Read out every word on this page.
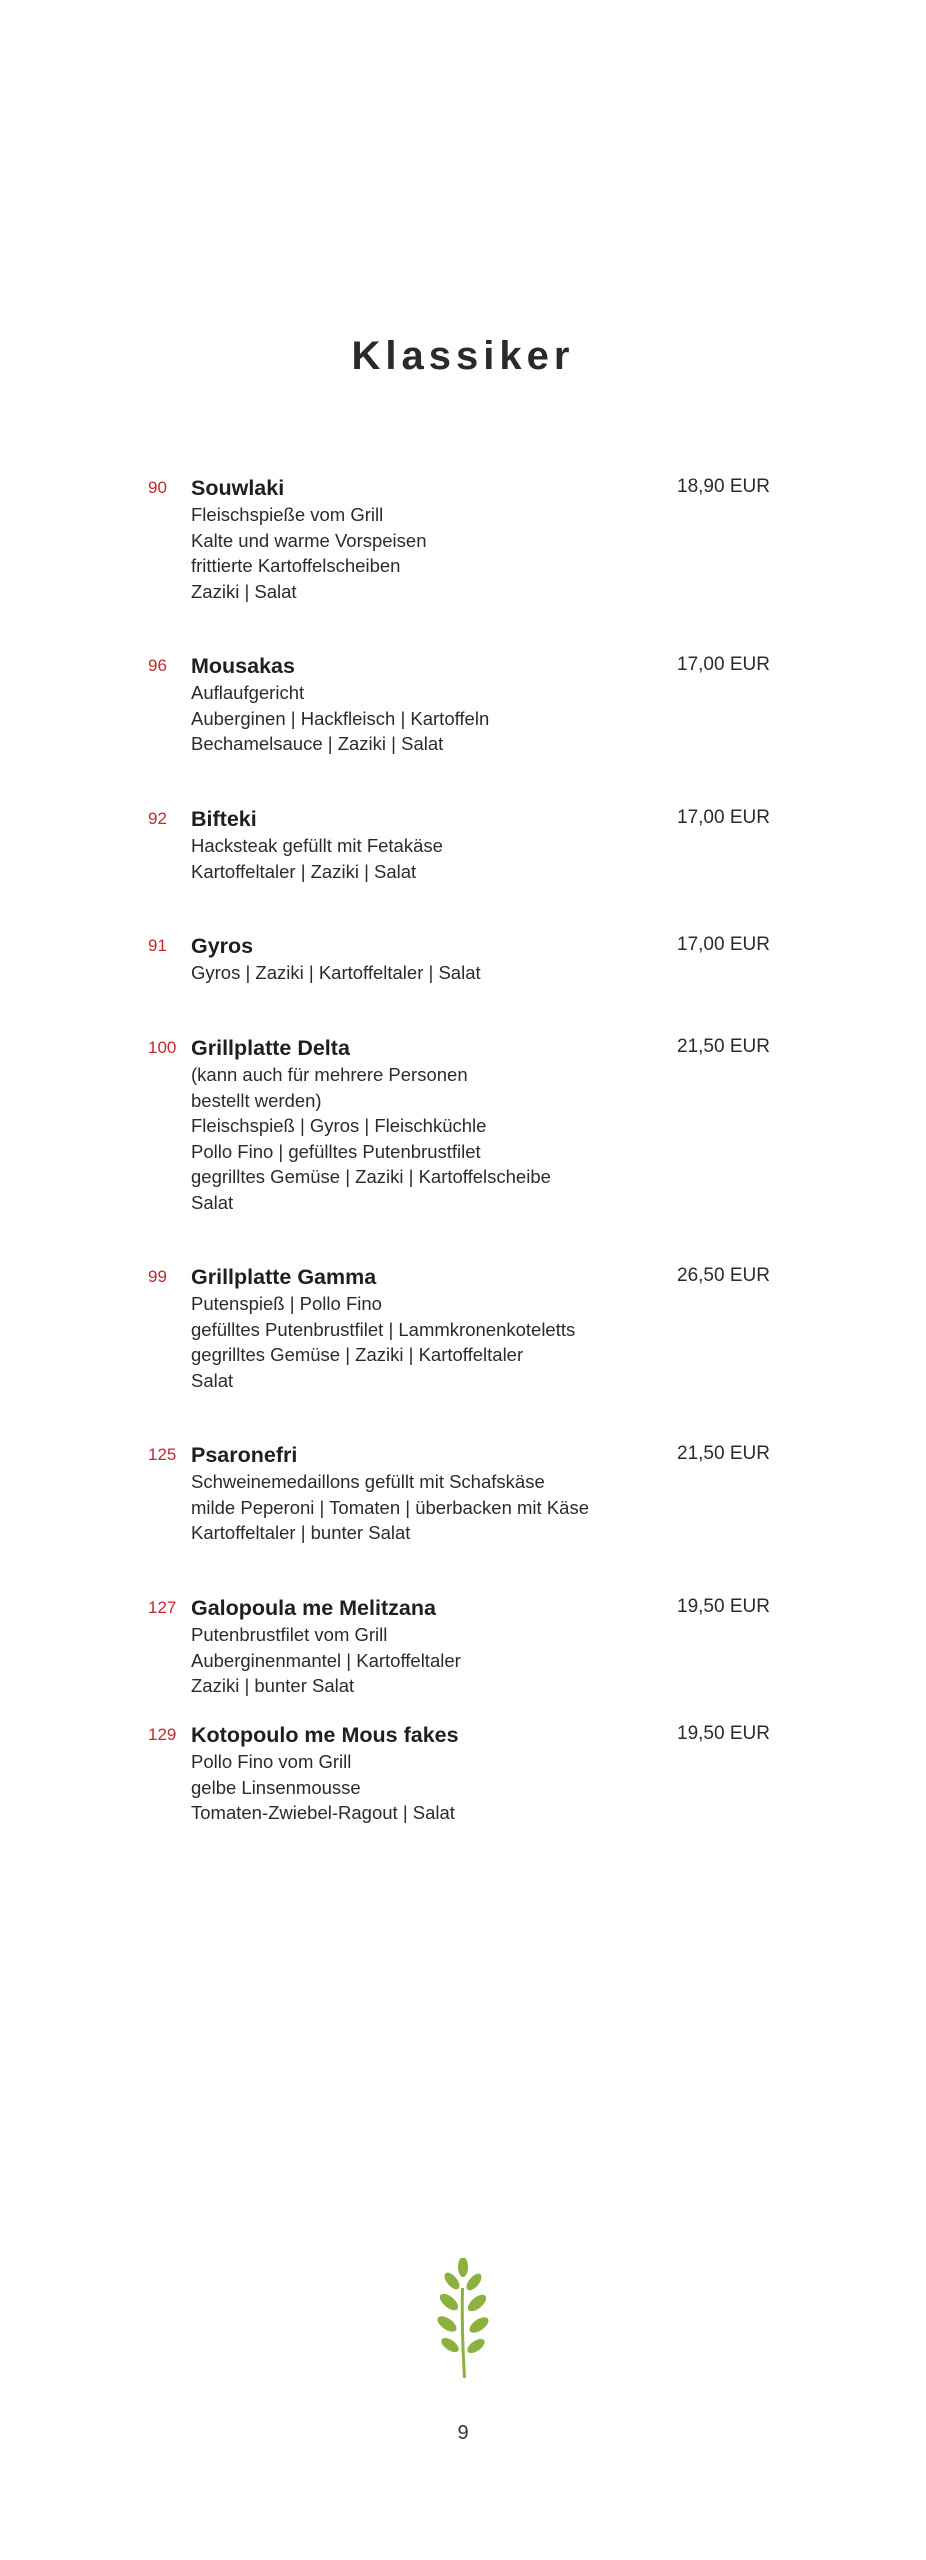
Klassiker
90	Souwlaki
Fleischspieße vom Grill
Kalte und warme Vorspeisen
frittierte Kartoffelscheiben
Zaziki | Salat
18,90 EUR
96	Mousakas
Auflaufgericht
Auberginen | Hackfleisch | Kartoffeln
Bechamelsauce | Zaziki | Salat
17,00 EUR
92	Bifteki
Hacksteak gefüllt mit Fetakäse
Kartoffeltaler | Zaziki | Salat
17,00 EUR
91	Gyros
Gyros | Zaziki | Kartoffeltaler | Salat
17,00 EUR
100 Grillplatte Delta
(kann auch für mehrere Personen
bestellt werden)
Fleischspieß | Gyros | Fleischküchle
Pollo Fino | gefülltes Putenbrustfilet
gegrilltes Gemüse | Zaziki | Kartoffelscheibe
Salat
21,50 EUR
99	Grillplatte Gamma
Putenspieß | Pollo Fino
gefülltes Putenbrustfilet | Lammkronenkoteletts
gegrilltes Gemüse | Zaziki | Kartoffeltaler
Salat
26,50 EUR
125 Psaronefri
Schweinemedaillons gefüllt mit Schafskäse
milde Peperoni | Tomaten | überbacken mit Käse
Kartoffeltaler | bunter Salat
21,50 EUR
127 Galopoula me Melitzana
Putenbrustfilet vom Grill
Auberginenmantel | Kartoffeltaler
Zaziki | bunter Salat
19,50 EUR
129 Kotopoulo me Mous fakes
Pollo Fino vom Grill
gelbe Linsenmousse
Tomaten-Zwiebel-Ragout | Salat
19,50 EUR
9
